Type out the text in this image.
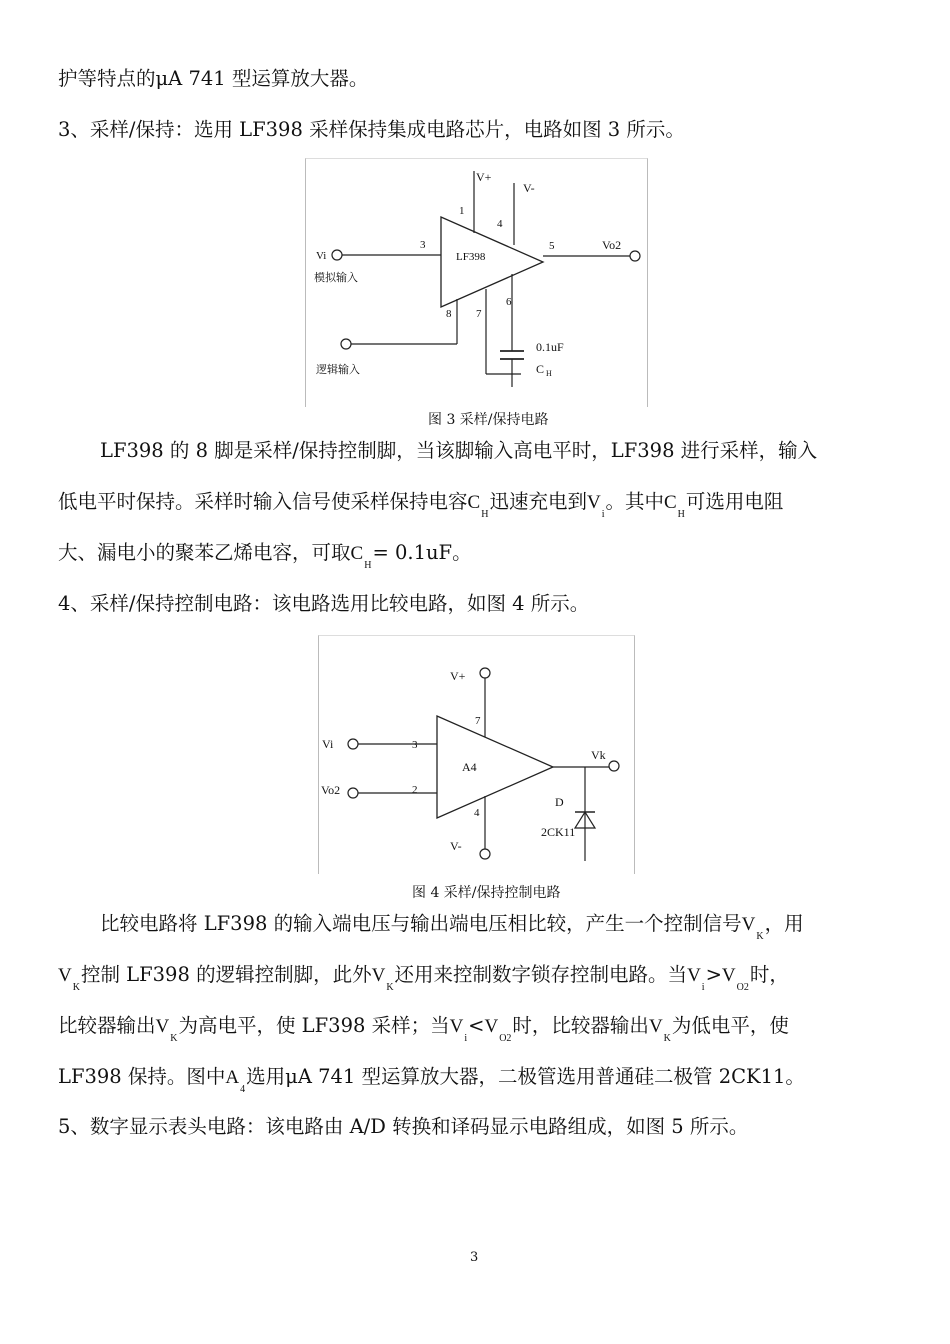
护等特点的μA 741 型运算放大器。
3、采样/保持：选用 LF398 采样保持集成电路芯片，电路如图 3 所示。
LF398
V+
1
V-
4
Vi
模拟输入
3	5	Vo2
8
逻辑输入
7
6
0.1uF
C H
图 3 采样/保持电路
LF398 的 8 脚是采样/保持控制脚，当该脚输入高电平时，LF398 进行采样，输入
低电平时保持。采样时输入信号使采样保持电容$C_H$迅速充电到$V_i$。其中$C_H$可选用电阻
大、漏电小的聚苯乙烯电容，可取$C_H= 0.1uF$。
4、采样/保持控制电路：该电路选用比较电路，如图 4 所示。
A4
V+
7
V-
4
Vi	3
Vo2	2
Vk
D
2CK11
图 4 采样/保持控制电路
比较电路将 LF398 的输入端电压与输出端电压相比较，产生一个控制信号$V_K$，用
$V_K$控制 LF398 的逻辑控制脚，此外$V_K$还用来控制数字锁存控制电路。当$V_i>V_{O2}$时，
比较器输出$V_K$为高电平，使 LF398 采样；当$V_i<V_{O2}$时，比较器输出$V_K$为低电平，使
LF398 保持。图中$A_4$选用μA 741 型运算放大器，二极管选用普通硅二极管 2CK11。
5、数字显示表头电路：该电路由 A/D 转换和译码显示电路组成，如图 5 所示。
3
